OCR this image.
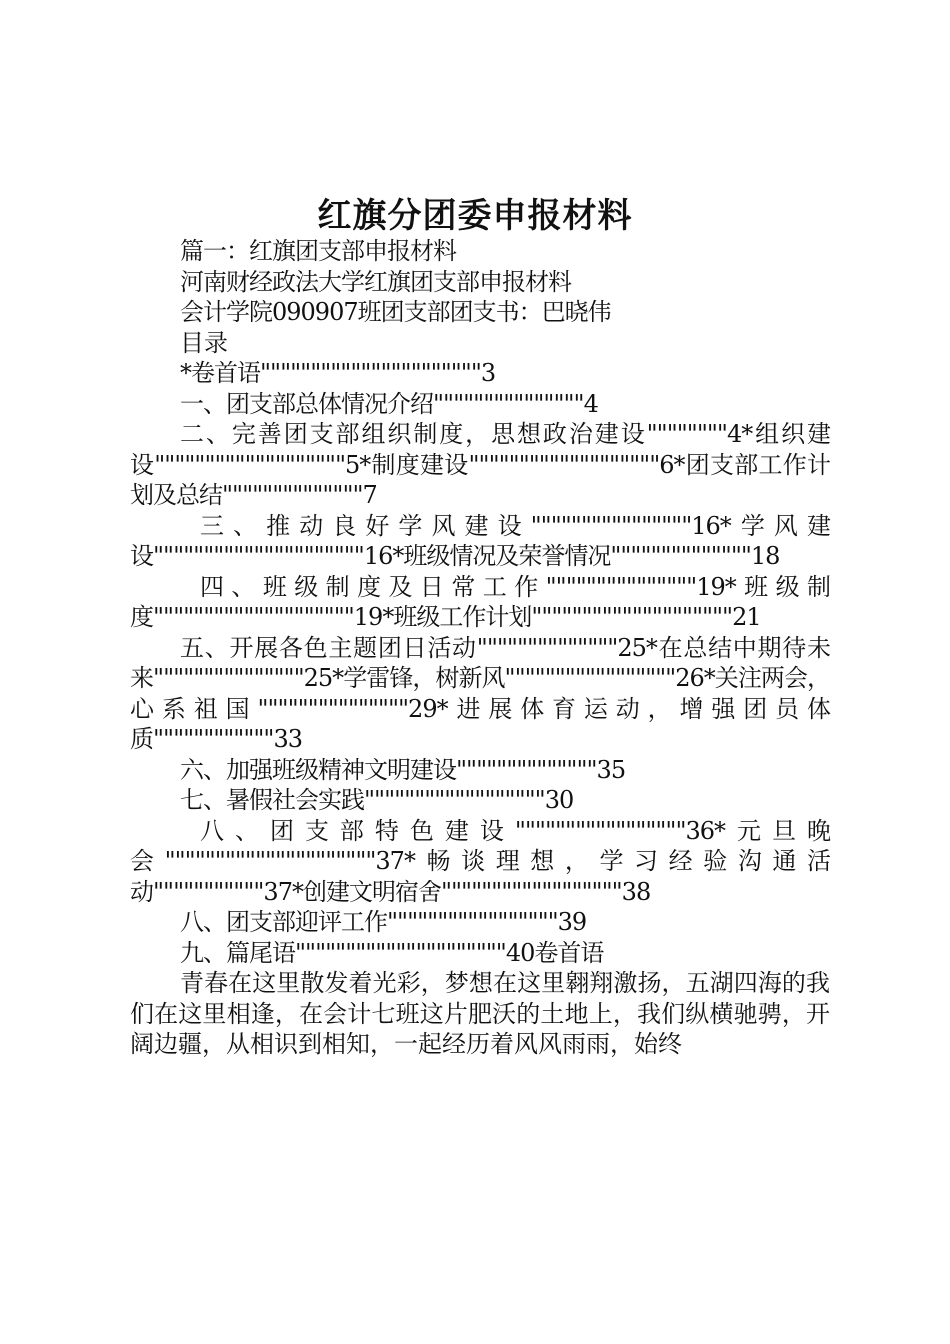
红旗分团委申报材料

篇一：红旗团支部申报材料

河南财经政法大学红旗团支部申报材料

会计学院090907班团支部团支书：巴晓伟

目录

*卷首语""""""""""""""""""""""3

一、团支部总体情况介绍"""""""""""""""4

二、完善团支部组织制度，思想政治建设""""""""4*组织建设"""""""""""""""""""5*制度建设"""""""""""""""""""6*团支部工作计划及总结""""""""""""""7

三、推动良好学风建设""""""""""""""""16*学风建设"""""""""""""""""""""16*班级情况及荣誉情况""""""""""""""18

四、班级制度及日常工作"""""""""""""""19*班级制度""""""""""""""""""""19*班级工作计划""""""""""""""""""""21

五、开展各色主题团日活动""""""""""""""25*在总结中期待未来"""""""""""""""25*学雷锋，树新风"""""""""""""""""26*关注两会，心系祖国"""""""""""""""29*进展体育运动，增强团员体质""""""""""""33

六、加强班级精神文明建设""""""""""""""35

七、暑假社会实践""""""""""""""""""30

八、团支部特色建设"""""""""""""""""36*元旦晚会"""""""""""""""""""""37*畅谈理想，学习经验沟通活动"""""""""""37*创建文明宿舍""""""""""""""""""38

八、团支部迎评工作"""""""""""""""""39

九、篇尾语"""""""""""""""""""""40卷首语

青春在这里散发着光彩，梦想在这里翱翔激扬，五湖四海的我们在这里相逢，在会计七班这片肥沃的土地上，我们纵横驰骋，开阔边疆，从相识到相知，一起经历着风风雨雨，始终
